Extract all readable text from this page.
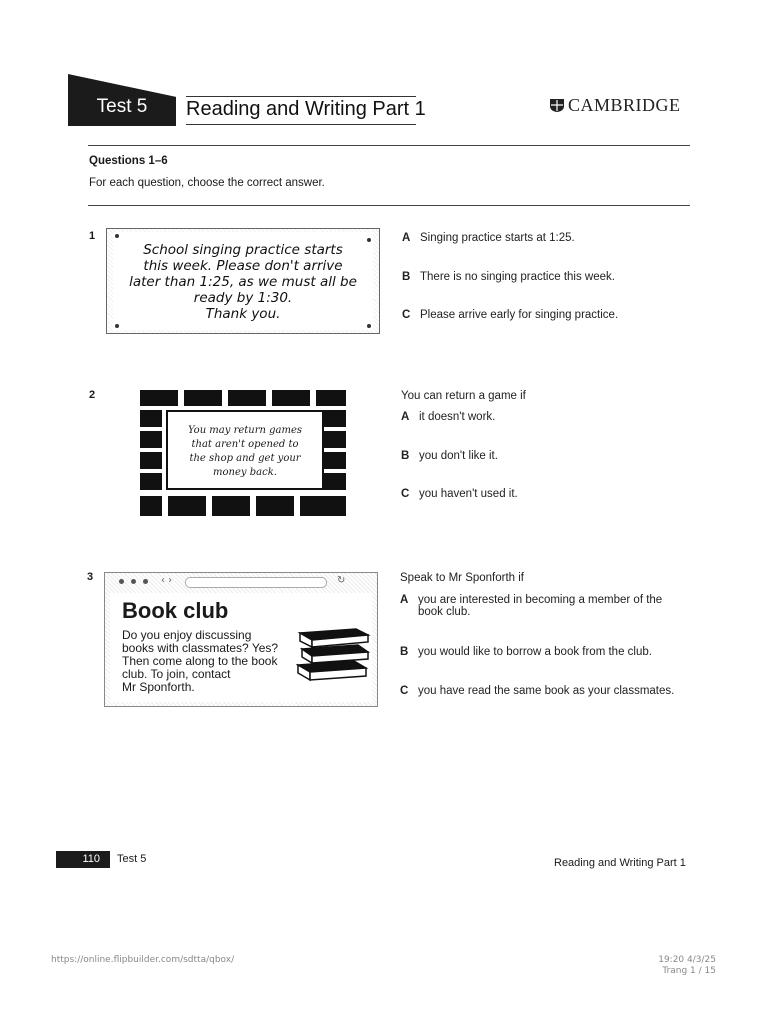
Test 5	Reading and Writing Part 1	CAMBRIDGE
Questions 1–6
For each question, choose the correct answer.
1
School singing practice starts
this week. Please don't arrive
later than 1:25, as we must all be
ready by 1:30.
Thank you.
A Singing practice starts at 1:25.
B There is no singing practice this week.
C Please arrive early for singing practice.
2
You may return games
that aren't opened to
the shop and get your
money back.
You can return a game if
A it doesn't work.
B you don't like it.
C you haven't used it.
3	‹ ›	↻
Book club
Do you enjoy discussing
books with classmates? Yes?
Then come along to the book
club. To join, contact
Mr Sponforth.
Speak to Mr Sponforth if
A you are interested in becoming a member of the
book club.
B you would like to borrow a book from the club.
C you have read the same book as your classmates.
110	Test 5	Reading and Writing Part 1
https://online.flipbuilder.com/sdtta/qbox/	19:20 4/3/25
Trang 1 / 15
